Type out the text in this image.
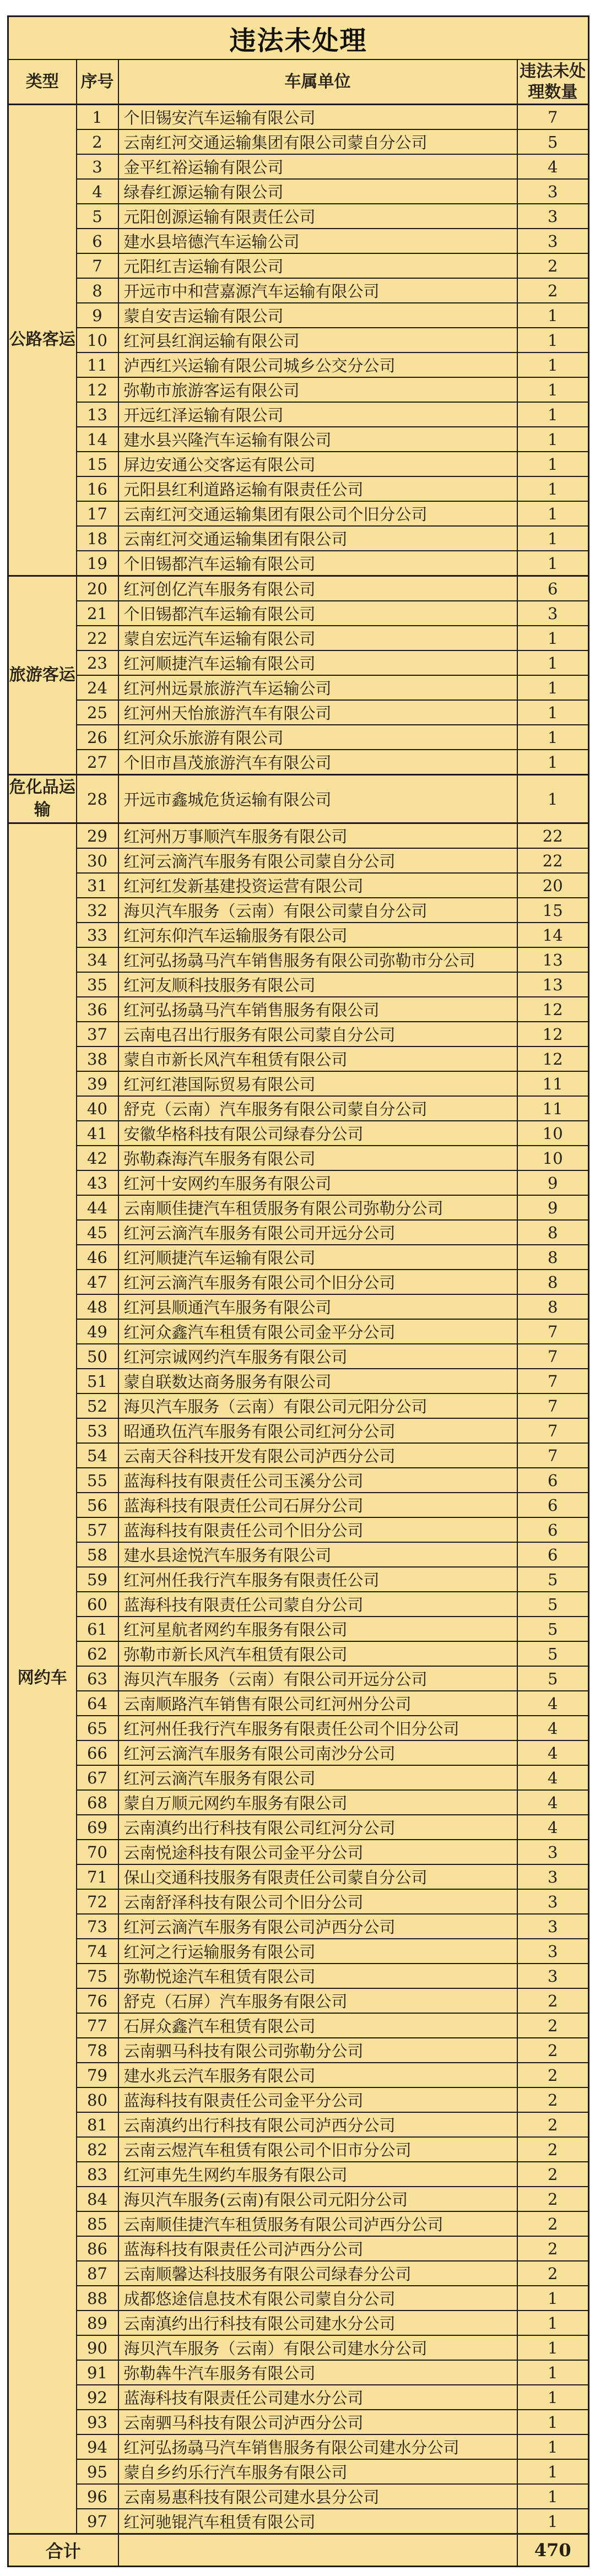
违法未处理			
类型	序号	车属单位	违法未处理数量
公路客运	1	个旧锡安汽车运输有限公司	7
	2	云南红河交通运输集团有限公司蒙自分公司	5
	3	金平红裕运输有限公司	4
	4	绿春红源运输有限公司	3
	5	元阳创源运输有限责任公司	3
	6	建水县培德汽车运输公司	3
	7	元阳红吉运输有限公司	2
	8	开远市中和营嘉源汽车运输有限公司	2
	9	蒙自安吉运输有限公司	1
	10	红河县红润运输有限公司	1
	11	泸西红兴运输有限公司城乡公交分公司	1
	12	弥勒市旅游客运有限公司	1
	13	开远红泽运输有限公司	1
	14	建水县兴隆汽车运输有限公司	1
	15	屏边安通公交客运有限公司	1
	16	元阳县红利道路运输有限责任公司	1
	17	云南红河交通运输集团有限公司个旧分公司	1
	18	云南红河交通运输集团有限公司	1
	19	个旧锡都汽车运输有限公司	1
旅游客运	20	红河创亿汽车服务有限公司	6
	21	个旧锡都汽车运输有限公司	3
	22	蒙自宏远汽车运输有限公司	1
	23	红河顺捷汽车运输有限公司	1
	24	红河州远景旅游汽车运输公司	1
	25	红河州天怡旅游汽车有限公司	1
	26	红河众乐旅游有限公司	1
	27	个旧市昌茂旅游汽车有限公司	1
危化品运输	28	开远市鑫城危货运输有限公司	1
网约车	29	红河州万事顺汽车服务有限公司	22
	30	红河云滴汽车服务有限公司蒙自分公司	22
	31	红河红发新基建投资运营有限公司	20
	32	海贝汽车服务（云南）有限公司蒙自分公司	15
	33	红河东仰汽车运输服务有限公司	14
	34	红河弘扬骉马汽车销售服务有限公司弥勒市分公司	13
	35	红河友顺科技服务有限公司	13
	36	红河弘扬骉马汽车销售服务有限公司	12
	37	云南电召出行服务有限公司蒙自分公司	12
	38	蒙自市新长风汽车租赁有限公司	12
	39	红河红港国际贸易有限公司	11
	40	舒克（云南）汽车服务有限公司蒙自分公司	11
	41	安徽华格科技有限公司绿春分公司	10
	42	弥勒森海汽车服务有限公司	10
	43	红河十安网约车服务有限公司	9
	44	云南顺佳捷汽车租赁服务有限公司弥勒分公司	9
	45	红河云滴汽车服务有限公司开远分公司	8
	46	红河顺捷汽车运输有限公司	8
	47	红河云滴汽车服务有限公司个旧分公司	8
	48	红河县顺通汽车服务有限公司	8
	49	红河众鑫汽车租赁有限公司金平分公司	7
	50	红河宗诚网约汽车服务有限公司	7
	51	蒙自联数达商务服务有限公司	7
	52	海贝汽车服务（云南）有限公司元阳分公司	7
	53	昭通玖伍汽车服务有限公司红河分公司	7
	54	云南天谷科技开发有限公司泸西分公司	7
	55	蓝海科技有限责任公司玉溪分公司	6
	56	蓝海科技有限责任公司石屏分公司	6
	57	蓝海科技有限责任公司个旧分公司	6
	58	建水县途悦汽车服务有限公司	6
	59	红河州任我行汽车服务有限责任公司	5
	60	蓝海科技有限责任公司蒙自分公司	5
	61	红河星航者网约车服务有限公司	5
	62	弥勒市新长风汽车租赁有限公司	5
	63	海贝汽车服务（云南）有限公司开远分公司	5
	64	云南顺路汽车销售有限公司红河州分公司	4
	65	红河州任我行汽车服务有限责任公司个旧分公司	4
	66	红河云滴汽车服务有限公司南沙分公司	4
	67	红河云滴汽车服务有限公司	4
	68	蒙自万顺元网约车服务有限公司	4
	69	云南滇约出行科技有限公司红河分公司	4
	70	云南悦途科技有限公司金平分公司	3
	71	保山交通科技服务有限责任公司蒙自分公司	3
	72	云南舒泽科技有限公司个旧分公司	3
	73	红河云滴汽车服务有限公司泸西分公司	3
	74	红河之行运输服务有限公司	3
	75	弥勒悦途汽车租赁有限公司	3
	76	舒克（石屏）汽车服务有限公司	2
	77	石屏众鑫汽车租赁有限公司	2
	78	云南驷马科技有限公司弥勒分公司	2
	79	建水兆云汽车服务有限公司	2
	80	蓝海科技有限责任公司金平分公司	2
	81	云南滇约出行科技有限公司泸西分公司	2
	82	云南云煜汽车租赁有限公司个旧市分公司	2
	83	红河車先生网约车服务有限公司	2
	84	海贝汽车服务(云南)有限公司元阳分公司	2
	85	云南顺佳捷汽车租赁服务有限公司泸西分公司	2
	86	蓝海科技有限责任公司泸西分公司	2
	87	云南顺馨达科技服务有限公司绿春分公司	2
	88	成都悠途信息技术有限公司蒙自分公司	1
	89	云南滇约出行科技有限公司建水分公司	1
	90	海贝汽车服务（云南）有限公司建水分公司	1
	91	弥勒犇牛汽车服务有限公司	1
	92	蓝海科技有限责任公司建水分公司	1
	93	云南驷马科技有限公司泸西分公司	1
	94	红河弘扬骉马汽车销售服务有限公司建水分公司	1
	95	蒙自乡约乐行汽车服务有限公司	1
	96	云南易惠科技有限公司建水县分公司	1
	97	红河驰锟汽车租赁有限公司	1
合计			470
